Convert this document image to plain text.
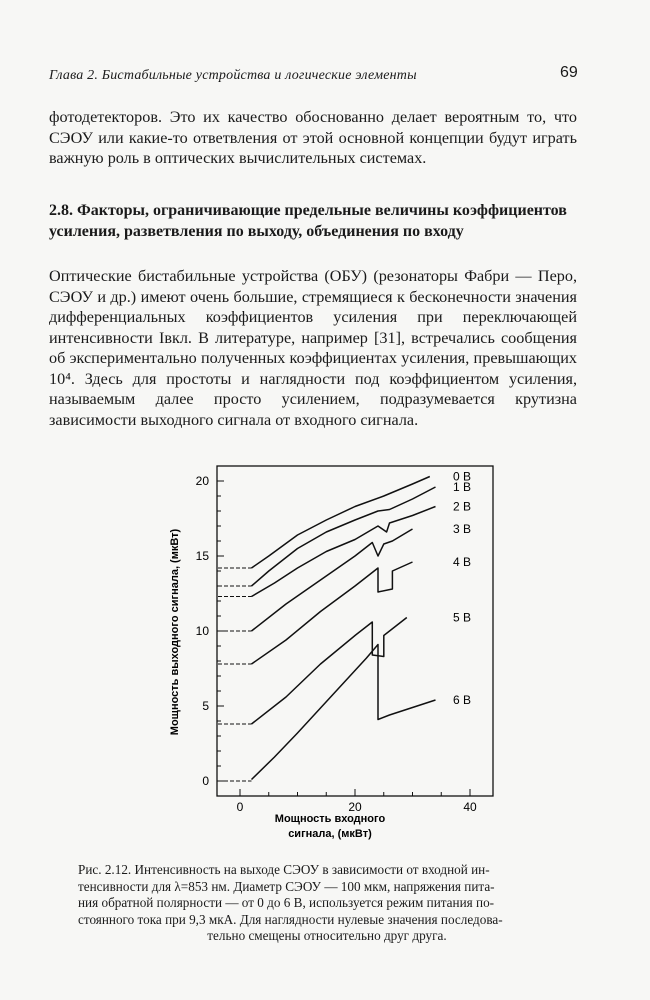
Глава 2. Бистабильные устройства и логические элементы	69
фотодетекторов. Это их качество обоснованно делает вероятным то, что СЭОУ или какие-то ответвления от этой основной концепции будут играть важную роль в оптических вычислительных системах.
2.8. Факторы, ограничивающие предельные величины коэффициентов усиления, разветвления по выходу, объединения по входу
Оптические бистабильные устройства (ОБУ) (резонаторы Фабри — Перо, СЭОУ и др.) имеют очень большие, стремящиеся к бесконечности значения дифференциальных коэффициентов усиления при переключающей интенсивности Iвкл. В литературе, например [31], встречались сообщения об экспериментально полученных коэффициентах усиления, превышающих 10⁴. Здесь для простоты и наглядности под коэффициентом усиления, называемым далее просто усилением, подразумевается крутизна зависимости выходного сигнала от входного сигнала.
0
5
10
15
20
0	20	40
0 В
1 В
2 В
3 В
4 В
5 В
6 В
Мощность выходного сигнала, (мкВт)
Мощность входного
сигнала, (мкВт)
Рис. 2.12. Интенсивность на выходе СЭОУ в зависимости от входной ин-
тенсивности для λ=853 нм. Диаметр СЭОУ — 100 мкм, напряжения пита-
ния обратной полярности — от 0 до 6 В, используется режим питания по-
стоянного тока при 9,3 мкА. Для наглядности нулевые значения последова-
тельно смещены относительно друг друга.
